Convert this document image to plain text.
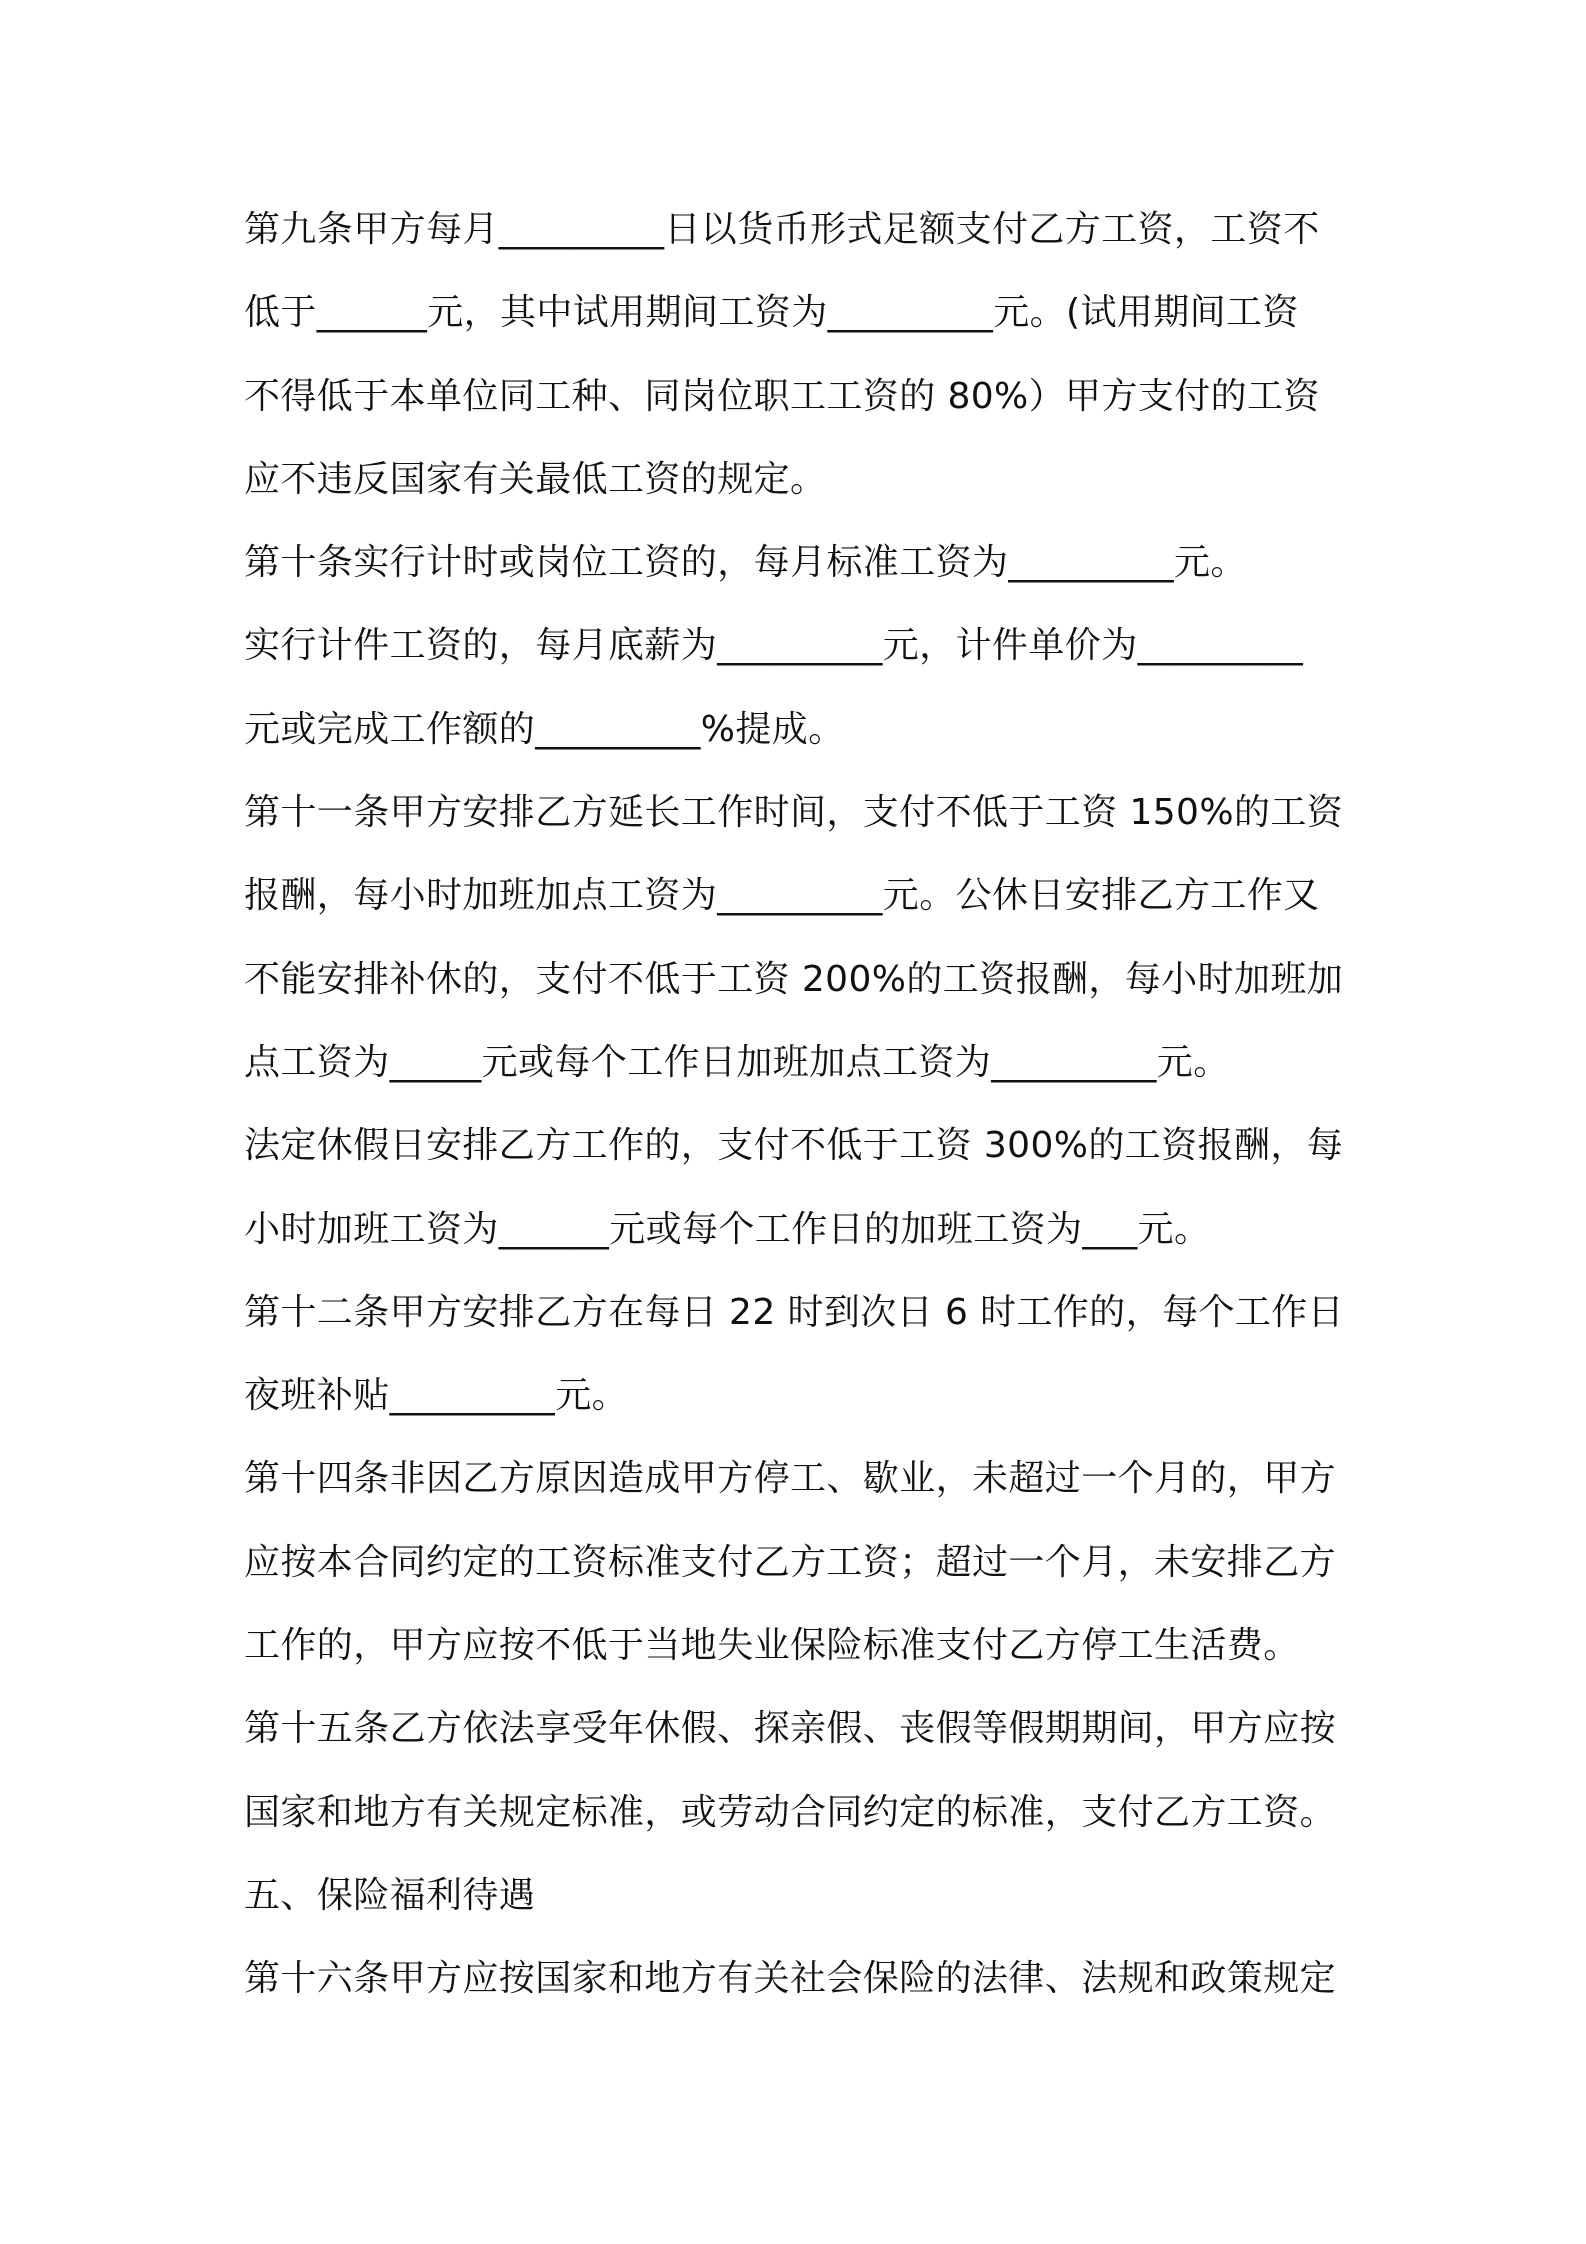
第九条甲方每月_________日以货币形式足额支付乙方工资，工资不
低于______元，其中试用期间工资为_________元。(试用期间工资
不得低于本单位同工种、同岗位职工工资的 80%）甲方支付的工资
应不违反国家有关最低工资的规定。
第十条实行计时或岗位工资的，每月标准工资为_________元。
实行计件工资的，每月底薪为_________元，计件单价为_________
元或完成工作额的_________%提成。
第十一条甲方安排乙方延长工作时间，支付不低于工资 150%的工资
报酬，每小时加班加点工资为_________元。公休日安排乙方工作又
不能安排补休的，支付不低于工资 200%的工资报酬，每小时加班加
点工资为_____元或每个工作日加班加点工资为_________元。
法定休假日安排乙方工作的，支付不低于工资 300%的工资报酬，每
小时加班工资为______元或每个工作日的加班工资为___元。
第十二条甲方安排乙方在每日 22 时到次日 6 时工作的，每个工作日
夜班补贴_________元。
第十四条非因乙方原因造成甲方停工、歇业，未超过一个月的，甲方
应按本合同约定的工资标准支付乙方工资；超过一个月，未安排乙方
工作的，甲方应按不低于当地失业保险标准支付乙方停工生活费。
第十五条乙方依法享受年休假、探亲假、丧假等假期期间，甲方应按
国家和地方有关规定标准，或劳动合同约定的标准，支付乙方工资。
五、保险福利待遇
第十六条甲方应按国家和地方有关社会保险的法律、法规和政策规定
